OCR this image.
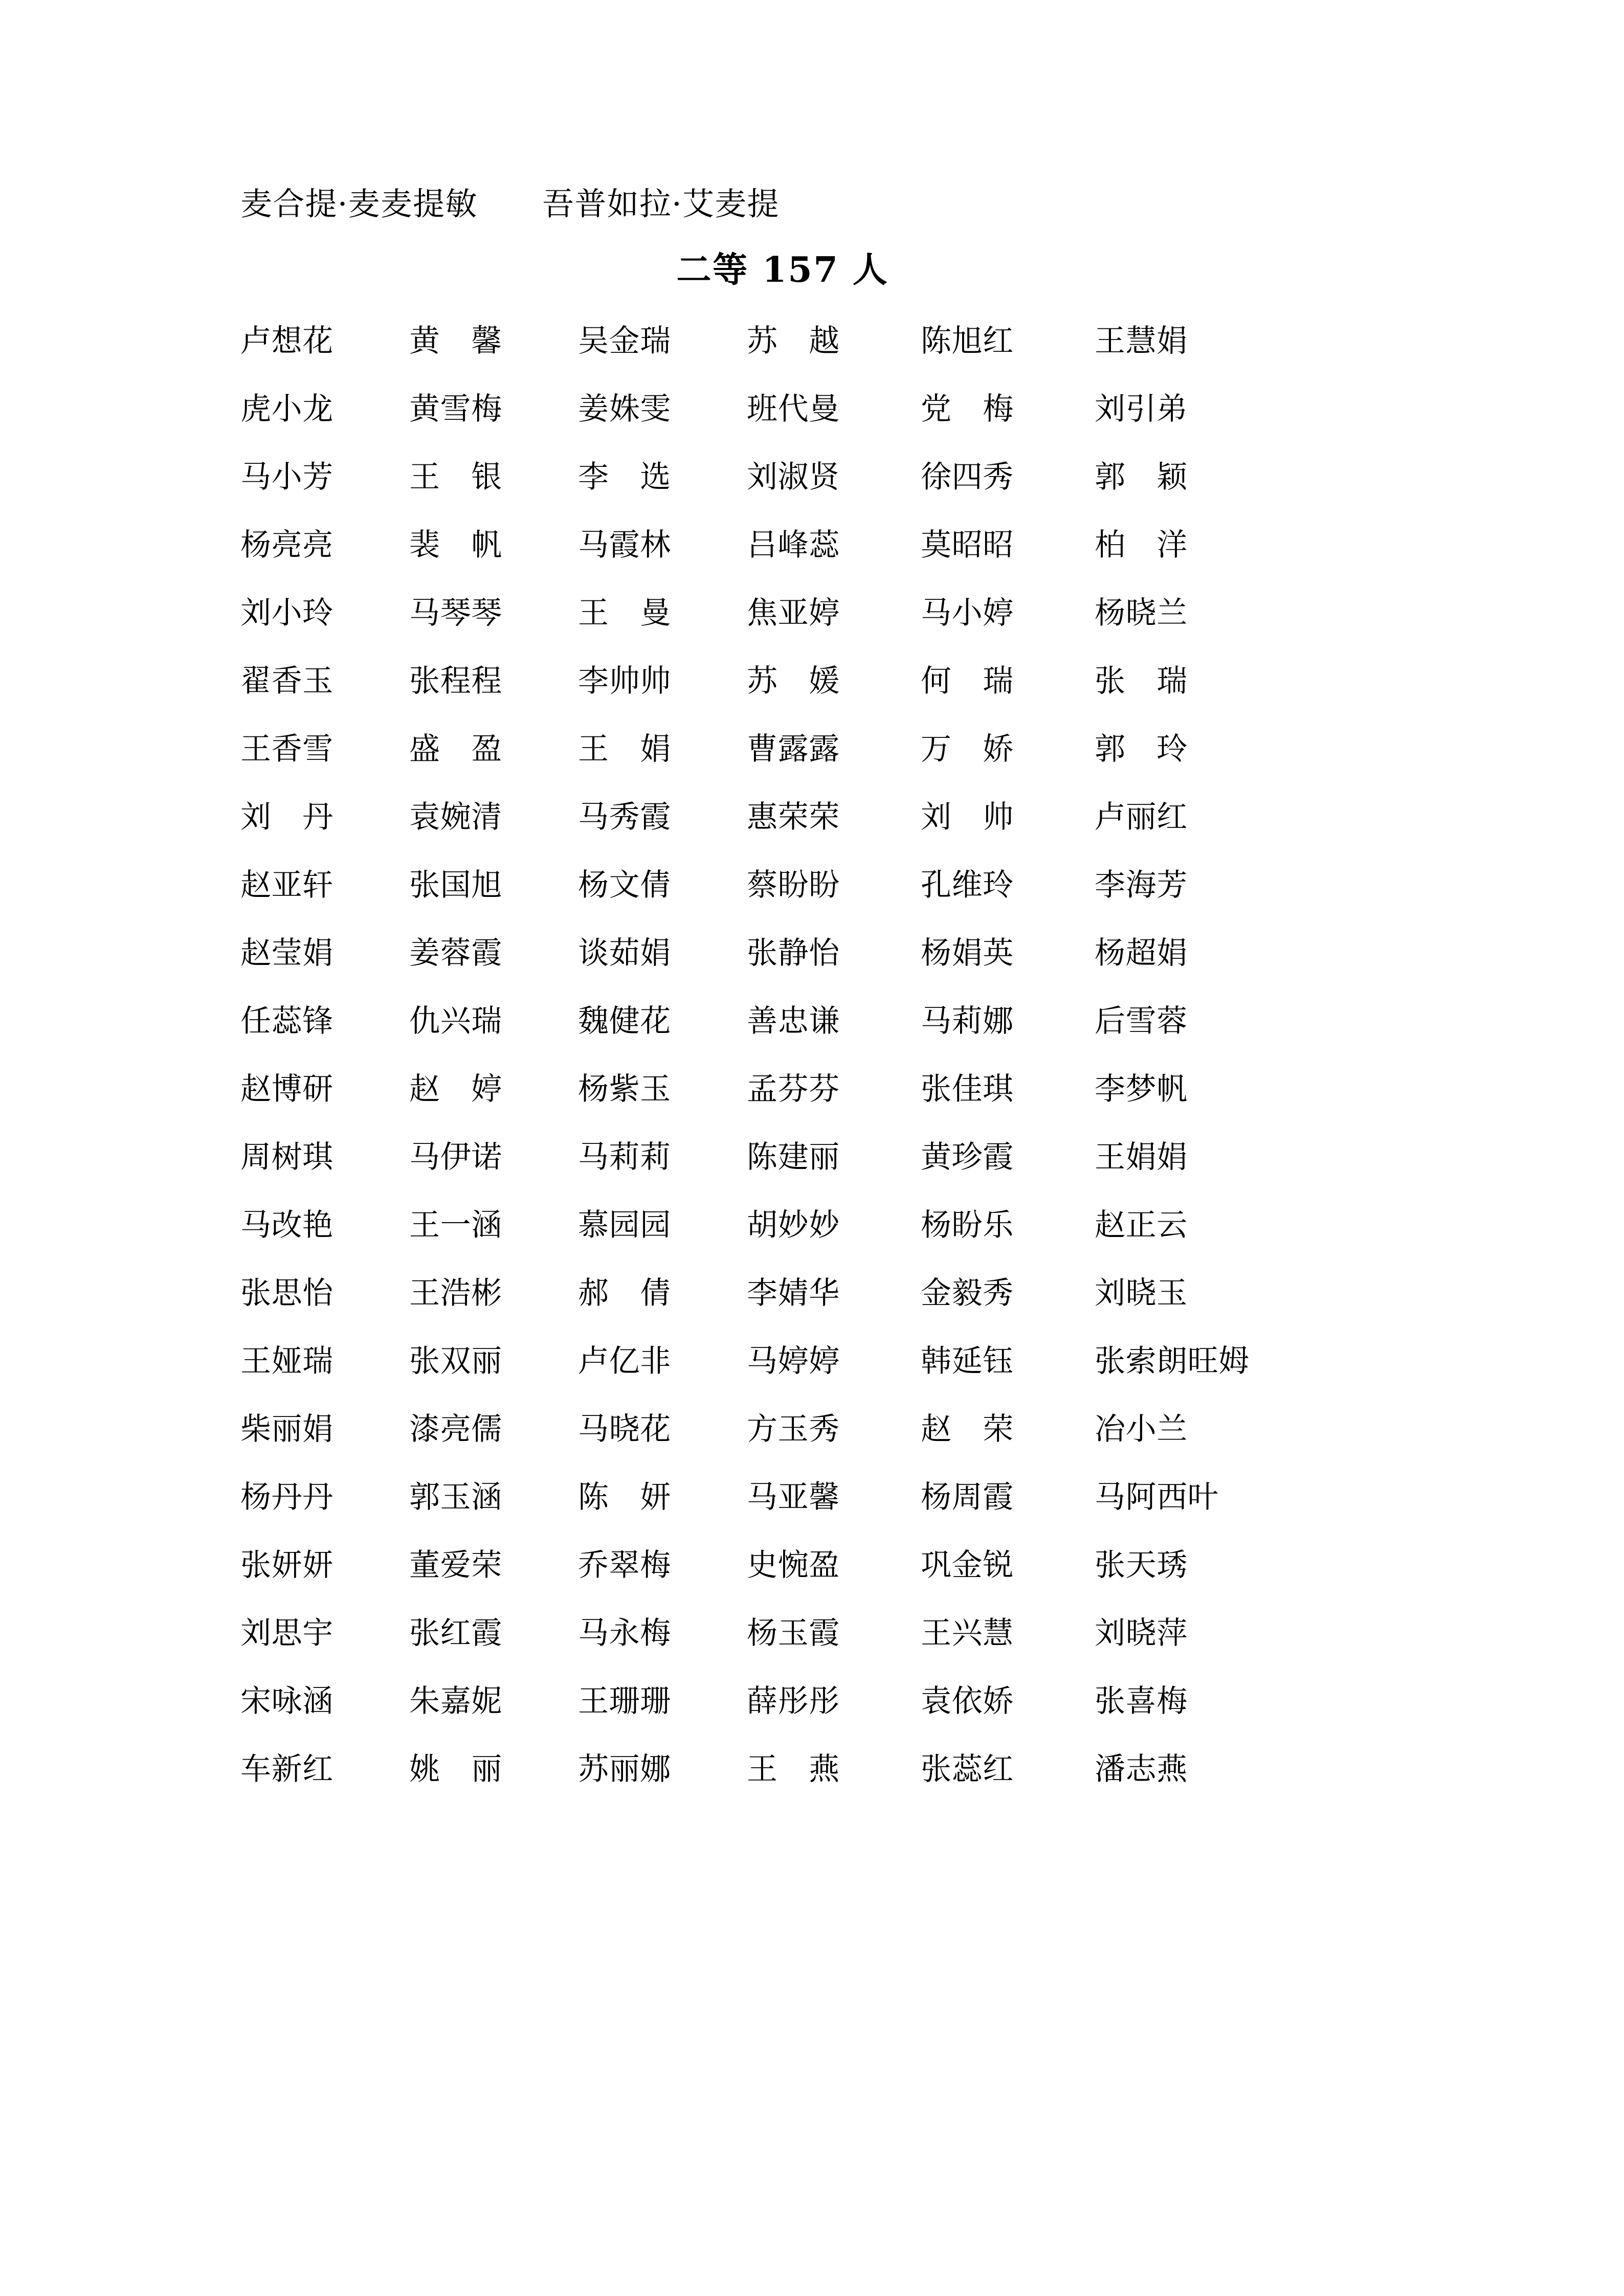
麦合提·麦麦提敏　　吾普如拉·艾麦提
二等 157 人
卢想花	黄　馨	吴金瑞	苏　越	陈旭红	王慧娟
虎小龙	黄雪梅	姜姝雯	班代曼	党　梅	刘引弟
马小芳	王　银	李　选	刘淑贤	徐四秀	郭　颖
杨亮亮	裴　帆	马霞林	吕峰蕊	莫昭昭	柏　洋
刘小玲	马琴琴	王　曼	焦亚婷	马小婷	杨晓兰
翟香玉	张程程	李帅帅	苏　媛	何　瑞	张　瑞
王香雪	盛　盈	王　娟	曹露露	万　娇	郭　玲
刘　丹	袁婉清	马秀霞	惠荣荣	刘　帅	卢丽红
赵亚轩	张国旭	杨文倩	蔡盼盼	孔维玲	李海芳
赵莹娟	姜蓉霞	谈茹娟	张静怡	杨娟英	杨超娟
任蕊锋	仇兴瑞	魏健花	善忠谦	马莉娜	后雪蓉
赵博研	赵　婷	杨紫玉	孟芬芬	张佳琪	李梦帆
周树琪	马伊诺	马莉莉	陈建丽	黄珍霞	王娟娟
马改艳	王一涵	慕园园	胡妙妙	杨盼乐	赵正云
张思怡	王浩彬	郝　倩	李婧华	金毅秀	刘晓玉
王娅瑞	张双丽	卢亿非	马婷婷	韩延钰	张索朗旺姆
柴丽娟	漆亮儒	马晓花	方玉秀	赵　荣	冶小兰
杨丹丹	郭玉涵	陈　妍	马亚馨	杨周霞	马阿西叶
张妍妍	董爱荣	乔翠梅	史惋盈	巩金锐	张天琇
刘思宇	张红霞	马永梅	杨玉霞	王兴慧	刘晓萍
宋咏涵	朱嘉妮	王珊珊	薛彤彤	袁依娇	张喜梅
车新红	姚　丽	苏丽娜	王　燕	张蕊红	潘志燕
